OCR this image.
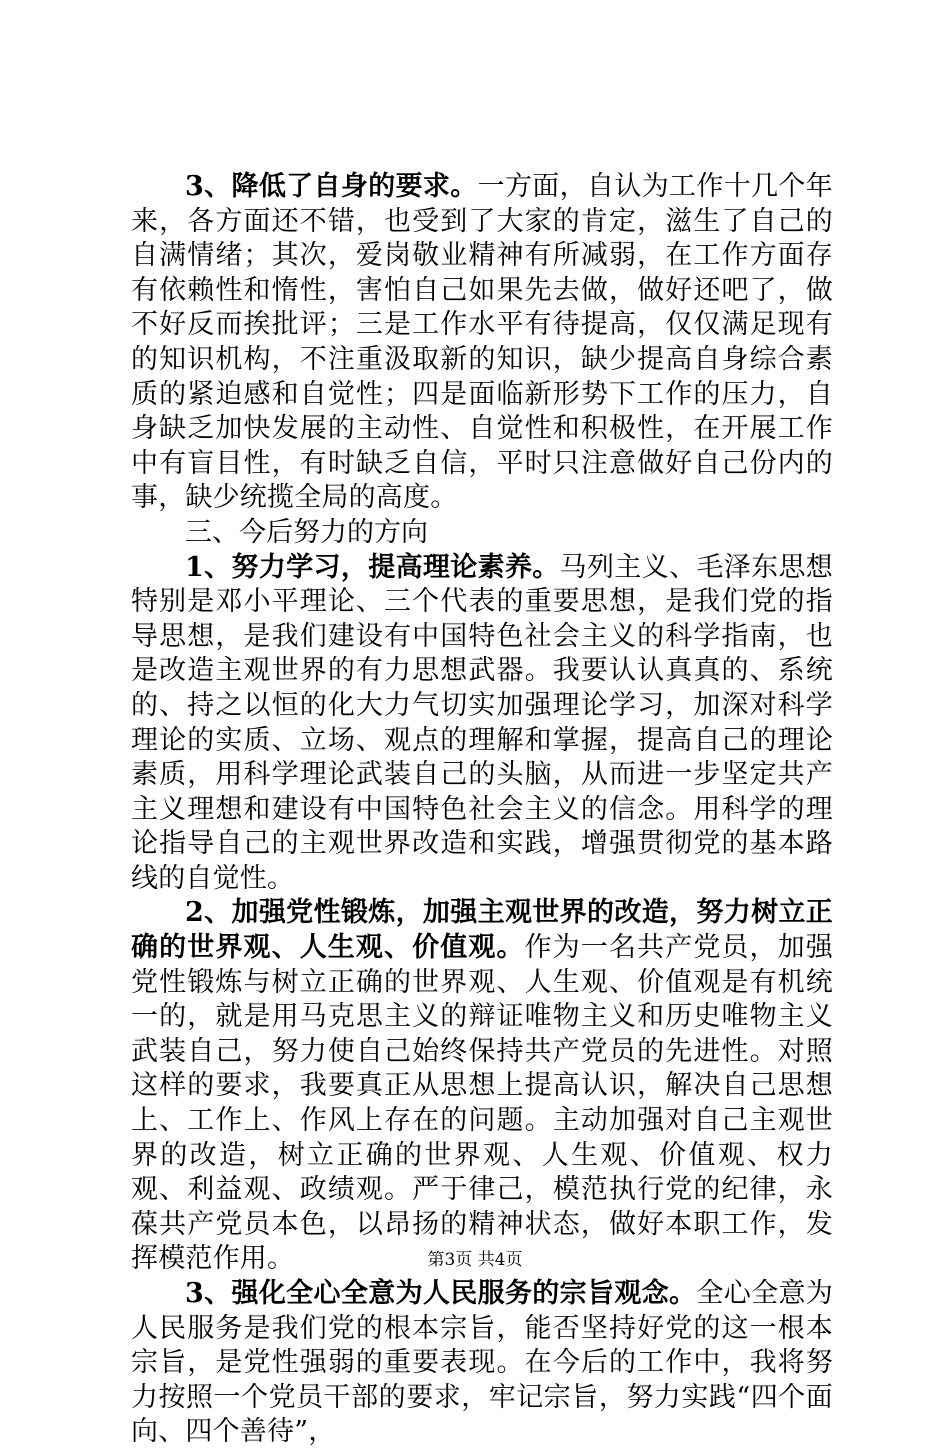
3、降低了自身的要求。一方面，自认为工作十几个年来，各方面还不错，也受到了大家的肯定，滋生了自己的自满情绪；其次，爱岗敬业精神有所减弱，在工作方面存有依赖性和惰性，害怕自己如果先去做，做好还吧了，做不好反而挨批评；三是工作水平有待提高，仅仅满足现有的知识机构，不注重汲取新的知识，缺少提高自身综合素质的紧迫感和自觉性；四是面临新形势下工作的压力，自身缺乏加快发展的主动性、自觉性和积极性，在开展工作中有盲目性，有时缺乏自信，平时只注意做好自己份内的事，缺少统揽全局的高度。

三、今后努力的方向

1、努力学习，提高理论素养。马列主义、毛泽东思想特别是邓小平理论、三个代表的重要思想，是我们党的指导思想，是我们建设有中国特色社会主义的科学指南，也是改造主观世界的有力思想武器。我要认认真真的、系统的、持之以恒的化大力气切实加强理论学习，加深对科学理论的实质、立场、观点的理解和掌握，提高自己的理论素质，用科学理论武装自己的头脑，从而进一步坚定共产主义理想和建设有中国特色社会主义的信念。用科学的理论指导自己的主观世界改造和实践，增强贯彻党的基本路线的自觉性。

2、加强党性锻炼，加强主观世界的改造，努力树立正确的世界观、人生观、价值观。作为一名共产党员，加强党性锻炼与树立正确的世界观、人生观、价值观是有机统一的，就是用马克思主义的辩证唯物主义和历史唯物主义武装自己，努力使自己始终保持共产党员的先进性。对照这样的要求，我要真正从思想上提高认识，解决自己思想上、工作上、作风上存在的问题。主动加强对自己主观世界的改造，树立正确的世界观、人生观、价值观、权力观、利益观、政绩观。严于律己，模范执行党的纪律，永葆共产党员本色，以昂扬的精神状态，做好本职工作，发挥模范作用。

3、强化全心全意为人民服务的宗旨观念。全心全意为人民服务是我们党的根本宗旨，能否坚持好党的这一根本宗旨，是党性强弱的重要表现。在今后的工作中，我将努力按照一个党员干部的要求，牢记宗旨，努力实践“四个面向、四个善待”，

第3页 共4页
